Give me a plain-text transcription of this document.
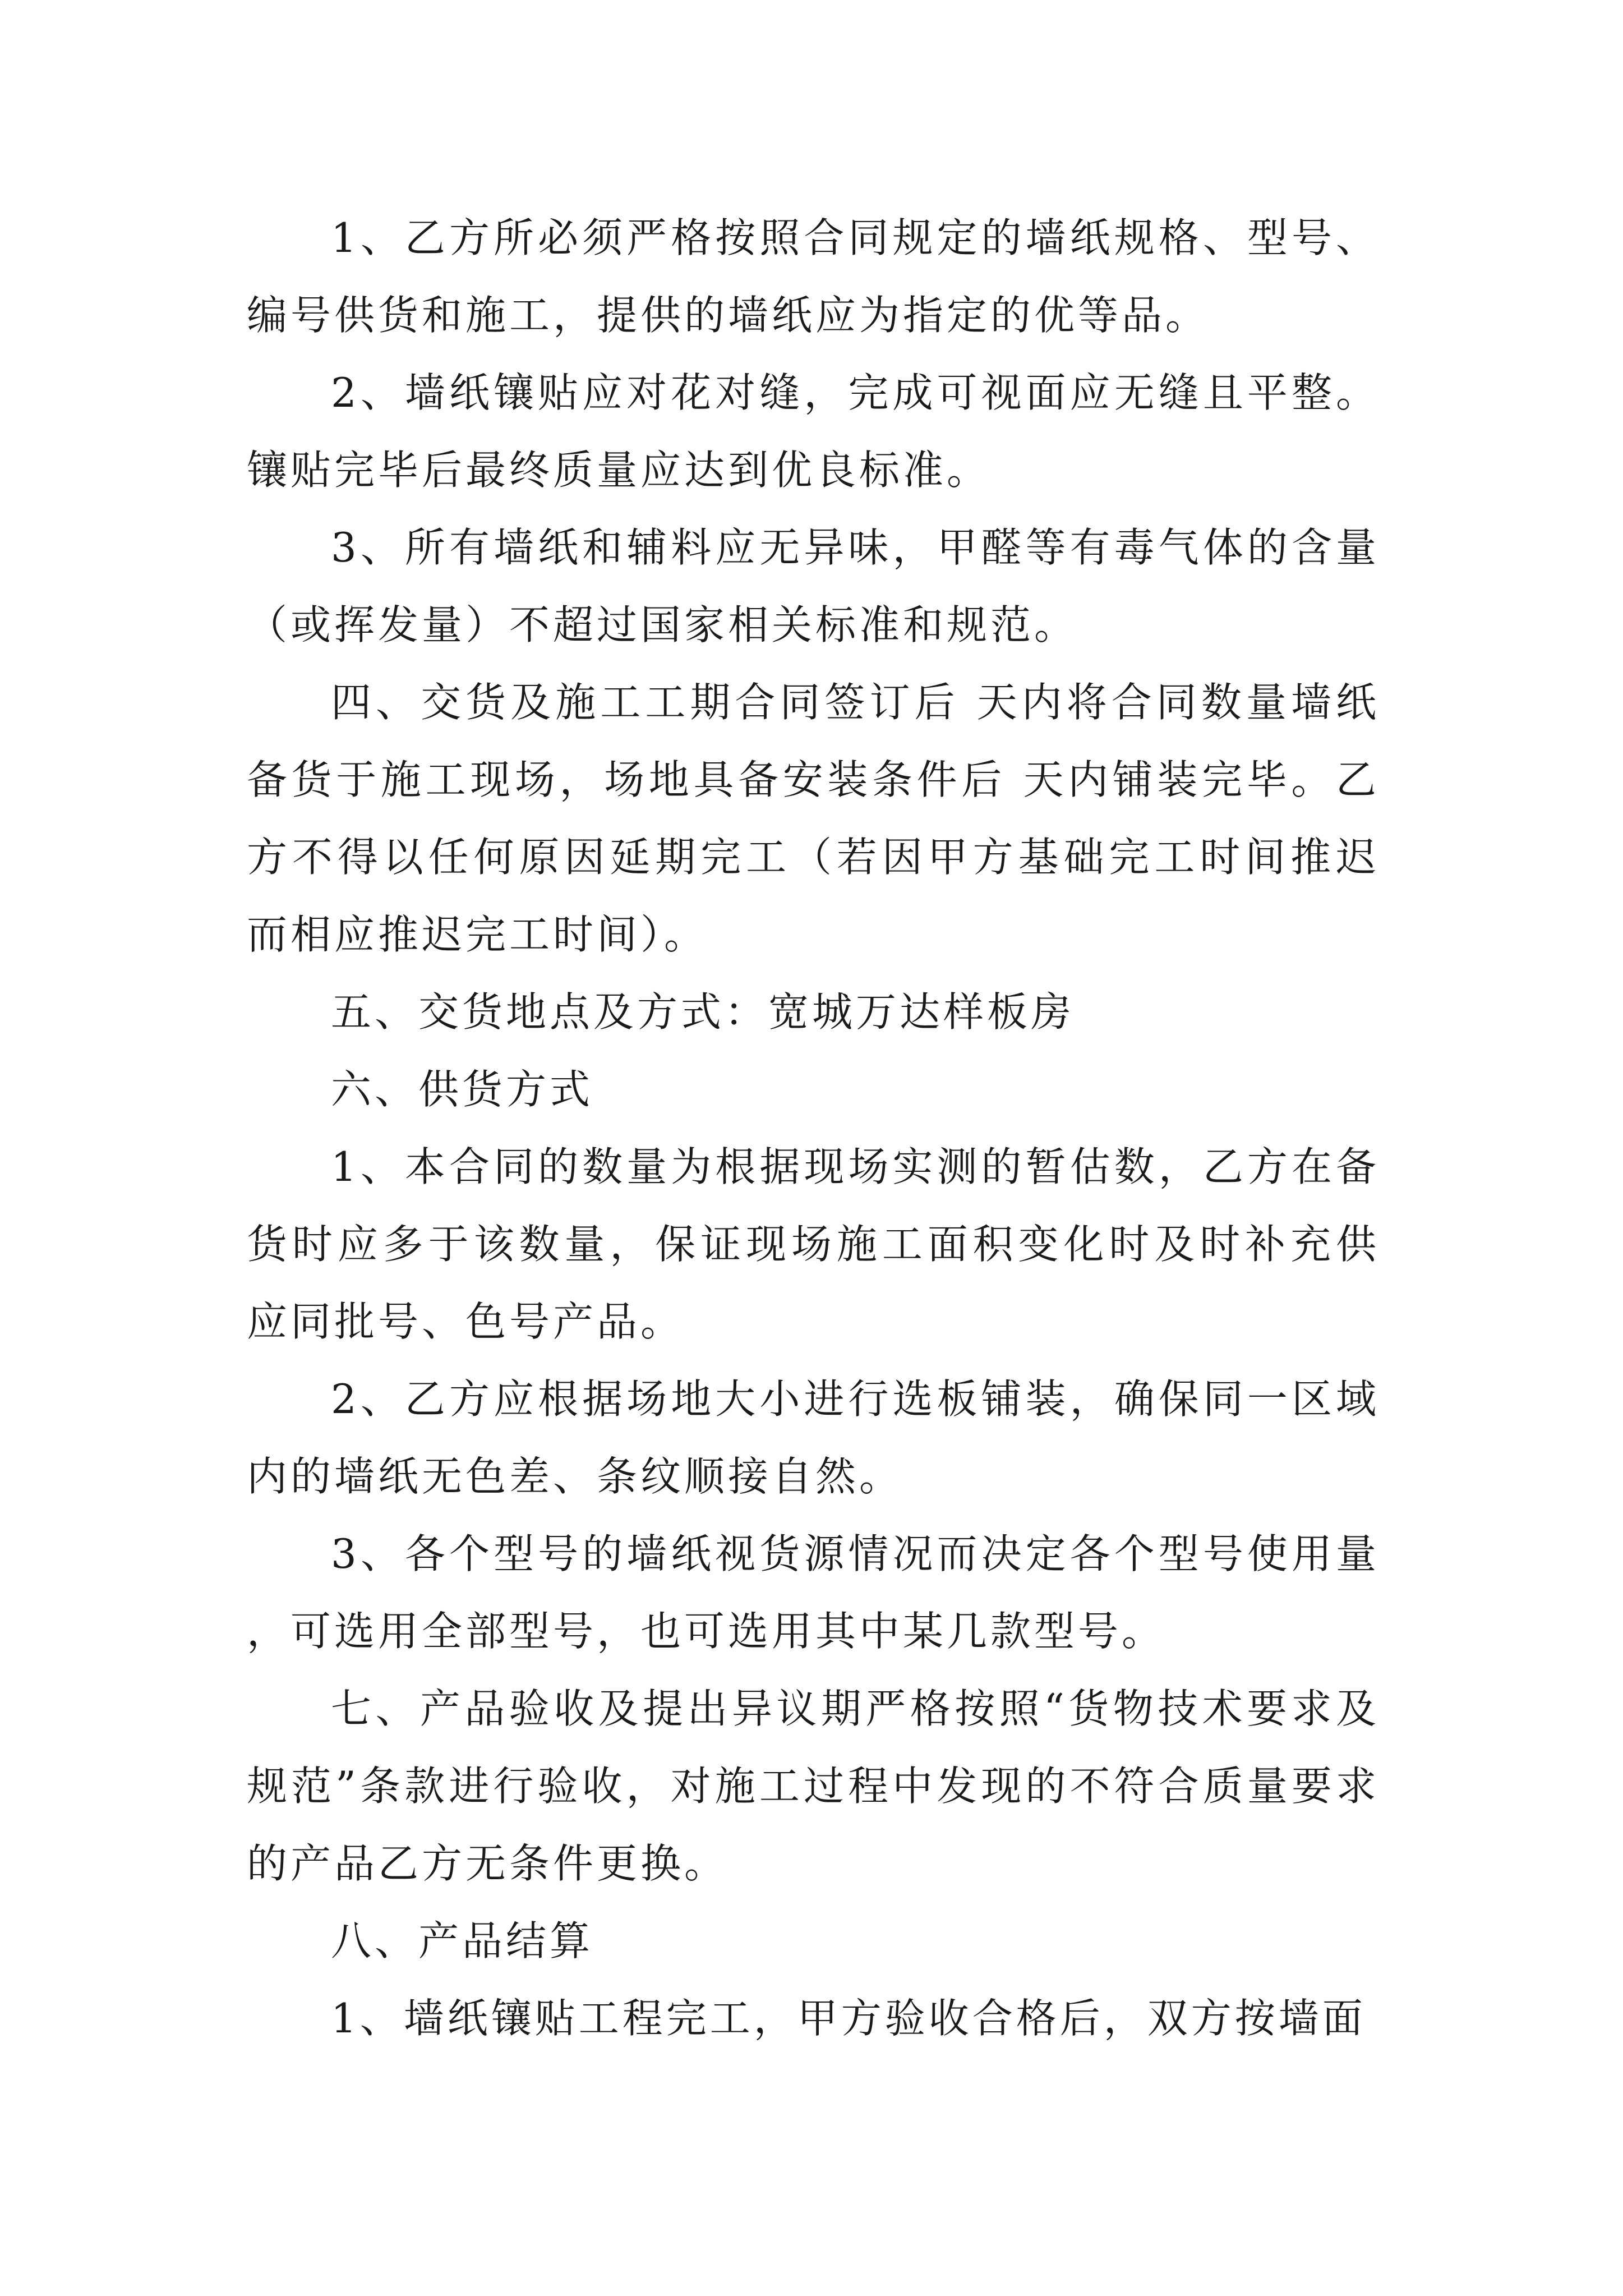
1、乙方所必须严格按照合同规定的墙纸规格、型号、编号供货和施工，提供的墙纸应为指定的优等品。

2、墙纸镶贴应对花对缝，完成可视面应无缝且平整。镶贴完毕后最终质量应达到优良标准。

3、所有墙纸和辅料应无异味，甲醛等有毒气体的含量（或挥发量）不超过国家相关标准和规范。

四、交货及施工工期合同签订后 天内将合同数量墙纸备货于施工现场，场地具备安装条件后 天内铺装完毕。乙方不得以任何原因延期完工（若因甲方基础完工时间推迟而相应推迟完工时间）。

五、交货地点及方式：宽城万达样板房

六、供货方式

1、本合同的数量为根据现场实测的暂估数，乙方在备货时应多于该数量，保证现场施工面积变化时及时补充供应同批号、色号产品。

2、乙方应根据场地大小进行选板铺装，确保同一区域内的墙纸无色差、条纹顺接自然。

3、各个型号的墙纸视货源情况而决定各个型号使用量，可选用全部型号，也可选用其中某几款型号。

七、产品验收及提出异议期严格按照“货物技术要求及规范”条款进行验收，对施工过程中发现的不符合质量要求的产品乙方无条件更换。

八、产品结算

1、墙纸镶贴工程完工，甲方验收合格后，双方按墙面
